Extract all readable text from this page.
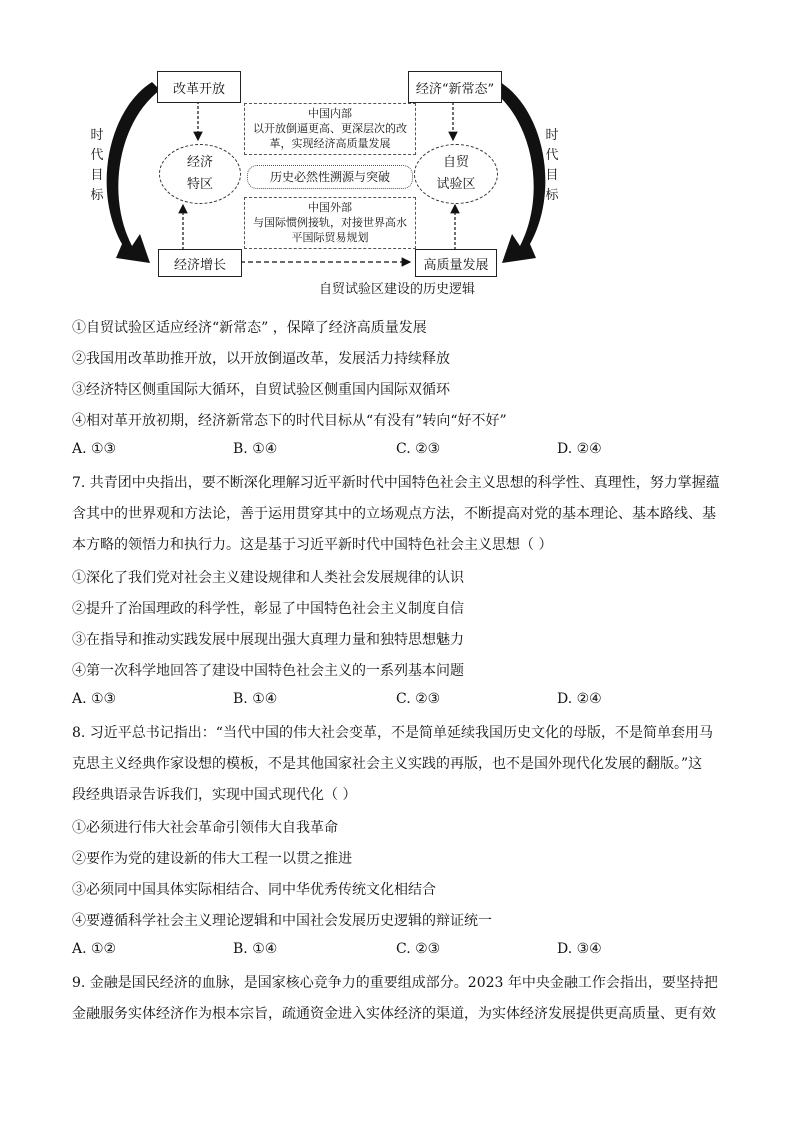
改革开放	经济“新常态”
经济增长	高质量发展
经济
特区
自贸
试验区
中国内部
以开放倒逼更高、更深层次的改
革，实现经济高质量发展
历史必然性溯源与突破
中国外部
与国际惯例接轨，对接世界高水
平国际贸易规划
时
代
目
标
时
代
目
标
自贸试验区建设的历史逻辑
①自贸试验区适应经济“新常态” ，保障了经济高质量发展
②我国用改革助推开放，以开放倒逼改革，发展活力持续释放
③经济特区侧重国际大循环，自贸试验区侧重国内国际双循环
④相对革开放初期，经济新常态下的时代目标从“有没有”转向“好不好”
A. ①③	B. ①④	C. ②③	D. ②④
7. 共青团中央指出，要不断深化理解习近平新时代中国特色社会主义思想的科学性、真理性，努力掌握蕴
含其中的世界观和方法论，善于运用贯穿其中的立场观点方法，不断提高对党的基本理论、基本路线、基
本方略的领悟力和执行力。这是基于习近平新时代中国特色社会主义思想（ ）
①深化了我们党对社会主义建设规律和人类社会发展规律的认识
②提升了治国理政的科学性，彰显了中国特色社会主义制度自信
③在指导和推动实践发展中展现出强大真理力量和独特思想魅力
④第一次科学地回答了建设中国特色社会主义的一系列基本问题
A. ①③	B. ①④	C. ②③	D. ②④
8. 习近平总书记指出：“当代中国的伟大社会变革，不是简单延续我国历史文化的母版，不是简单套用马
克思主义经典作家设想的模板，不是其他国家社会主义实践的再版，也不是国外现代化发展的翻版。”这
段经典语录告诉我们，实现中国式现代化（ ）
①必须进行伟大社会革命引领伟大自我革命
②要作为党的建设新的伟大工程一以贯之推进
③必须同中国具体实际相结合、同中华优秀传统文化相结合
④要遵循科学社会主义理论逻辑和中国社会发展历史逻辑的辩证统一
A. ①②	B. ①④	C. ②③	D. ③④
9. 金融是国民经济的血脉，是国家核心竞争力的重要组成部分。2023 年中央金融工作会指出，要坚持把
金融服务实体经济作为根本宗旨，疏通资金进入实体经济的渠道，为实体经济发展提供更高质量、更有效
